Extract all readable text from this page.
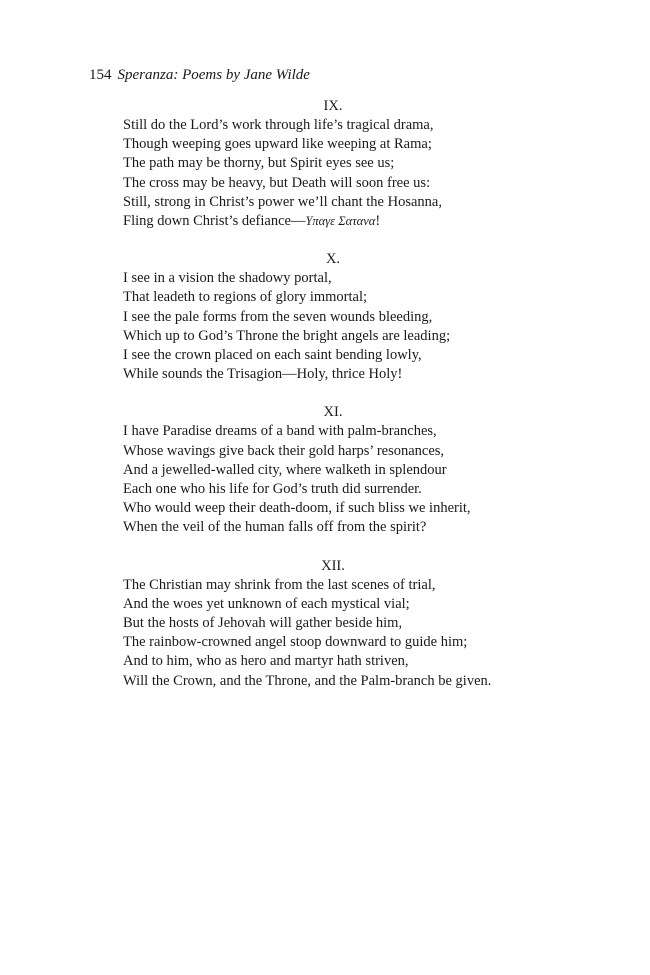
154 Speranza: Poems by Jane Wilde
IX.
Still do the Lord’s work through life’s tragical drama,
Though weeping goes upward like weeping at Rama;
The path may be thorny, but Spirit eyes see us;
The cross may be heavy, but Death will soon free us:
Still, strong in Christ’s power we’ll chant the Hosanna,
Fling down Christ’s defiance—Υπαγε Σατανα!
X.
I see in a vision the shadowy portal,
That leadeth to regions of glory immortal;
I see the pale forms from the seven wounds bleeding,
Which up to God’s Throne the bright angels are leading;
I see the crown placed on each saint bending lowly,
While sounds the Trisagion—Holy, thrice Holy!
XI.
I have Paradise dreams of a band with palm-branches,
Whose wavings give back their gold harps’ resonances,
And a jewelled-walled city, where walketh in splendour
Each one who his life for God’s truth did surrender.
Who would weep their death-doom, if such bliss we inherit,
When the veil of the human falls off from the spirit?
XII.
The Christian may shrink from the last scenes of trial,
And the woes yet unknown of each mystical vial;
But the hosts of Jehovah will gather beside him,
The rainbow-crowned angel stoop downward to guide him;
And to him, who as hero and martyr hath striven,
Will the Crown, and the Throne, and the Palm-branch be given.
